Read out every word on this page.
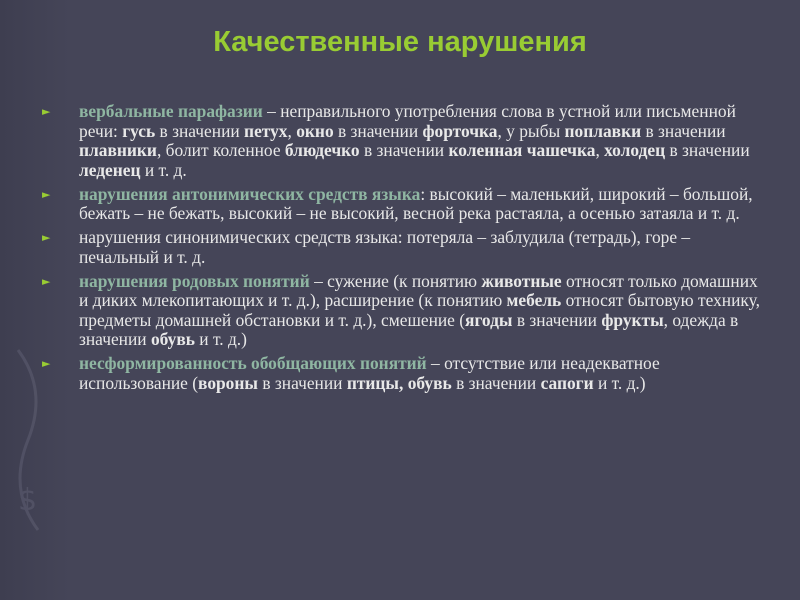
$
Качественные нарушения
► вербальные парафазии – неправильного употребления слова в устной или письменной речи: гусь в значении петух, окно в значении форточка, у рыбы поплавки в значении плавники, болит коленное блюдечко в значении коленная чашечка, холодец в значении леденец и т. д.
► нарушения антонимических средств языка: высокий – маленький, широкий – большой, бежать – не бежать, высокий – не высокий, весной река растаяла, а осенью затаяла и т. д.
► нарушения синонимических средств языка: потеряла – заблудила (тетрадь), горе – печальный и т. д.
► нарушения родовых понятий – сужение (к понятию животные относят только домашних и диких млекопитающих и т. д.), расширение (к понятию мебель относят бытовую технику, предметы домашней обстановки и т. д.), смешение (ягоды в значении фрукты, одежда в значении обувь и т. д.)
► несформированность обобщающих понятий – отсутствие или неадекватное использование (вороны в значении птицы, обувь в значении сапоги и т. д.)
